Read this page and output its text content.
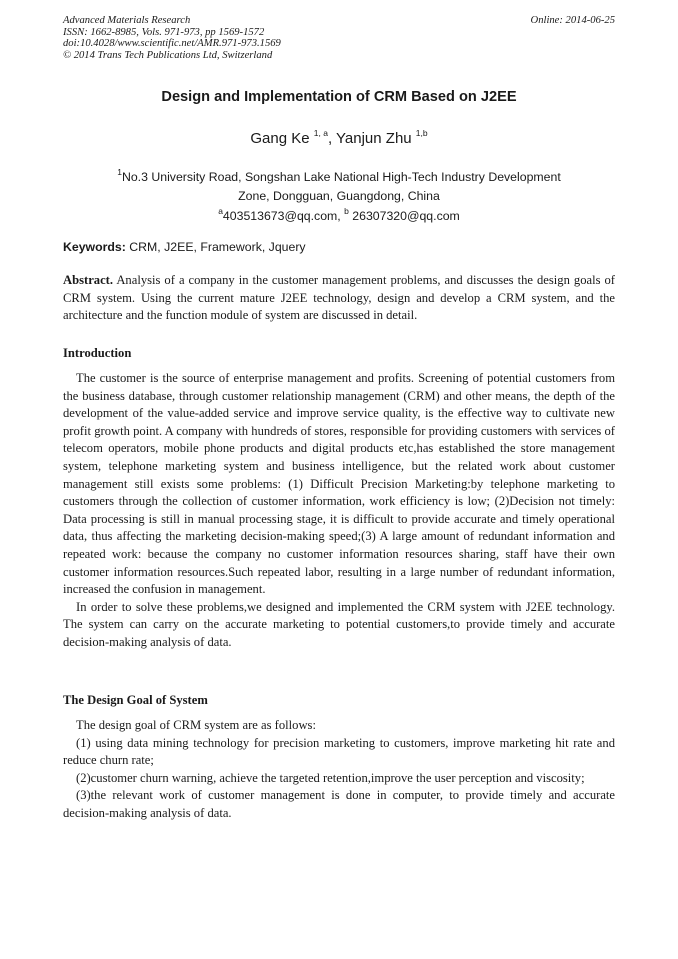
Advanced Materials Research
ISSN: 1662-8985, Vols. 971-973, pp 1569-1572
doi:10.4028/www.scientific.net/AMR.971-973.1569
© 2014 Trans Tech Publications Ltd, Switzerland
Online: 2014-06-25
Design and Implementation of CRM Based on J2EE
Gang Ke $^{1, a}$, Yanjun Zhu $^{1,b}$
$^1$No.3 University Road, Songshan Lake National High-Tech Industry Development
Zone, Dongguan, Guangdong, China
$^a$403513673@qq.com, $^b$ 26307320@qq.com
Keywords: CRM, J2EE, Framework, Jquery

Abstract. Analysis of a company in the customer management problems, and discusses the design goals of CRM system. Using the current mature J2EE technology, design and develop a CRM system, and the architecture and the function module of system are discussed in detail.

Introduction

The customer is the source of enterprise management and profits. Screening of potential customers from the business database, through customer relationship management (CRM) and other means, the depth of the development of the value-added service and improve service quality, is the effective way to cultivate new profit growth point. A company with hundreds of stores, responsible for providing customers with services of telecom operators, mobile phone products and digital products etc,has established the store management system, telephone marketing system and business intelligence, but the related work about customer management still exists some problems: (1) Difficult Precision Marketing:by telephone marketing to customers through the collection of customer information, work efficiency is low; (2)Decision not timely: Data processing is still in manual processing stage, it is difficult to provide accurate and timely operational data, thus affecting the marketing decision-making speed;(3) A large amount of redundant information and repeated work: because the company no customer information resources sharing, staff have their own customer information resources.Such repeated labor, resulting in a large number of redundant information, increased the confusion in management.

In order to solve these problems,we designed and implemented the CRM system with J2EE technology. The system can carry on the accurate marketing to potential customers,to provide timely and accurate decision-making analysis of data.

The Design Goal of System

The design goal of CRM system are as follows:

(1) using data mining technology for precision marketing to customers, improve marketing hit rate and reduce churn rate;

(2)customer churn warning, achieve the targeted retention,improve the user perception and viscosity;

(3)the relevant work of customer management is done in computer, to provide timely and accurate decision-making analysis of data.
